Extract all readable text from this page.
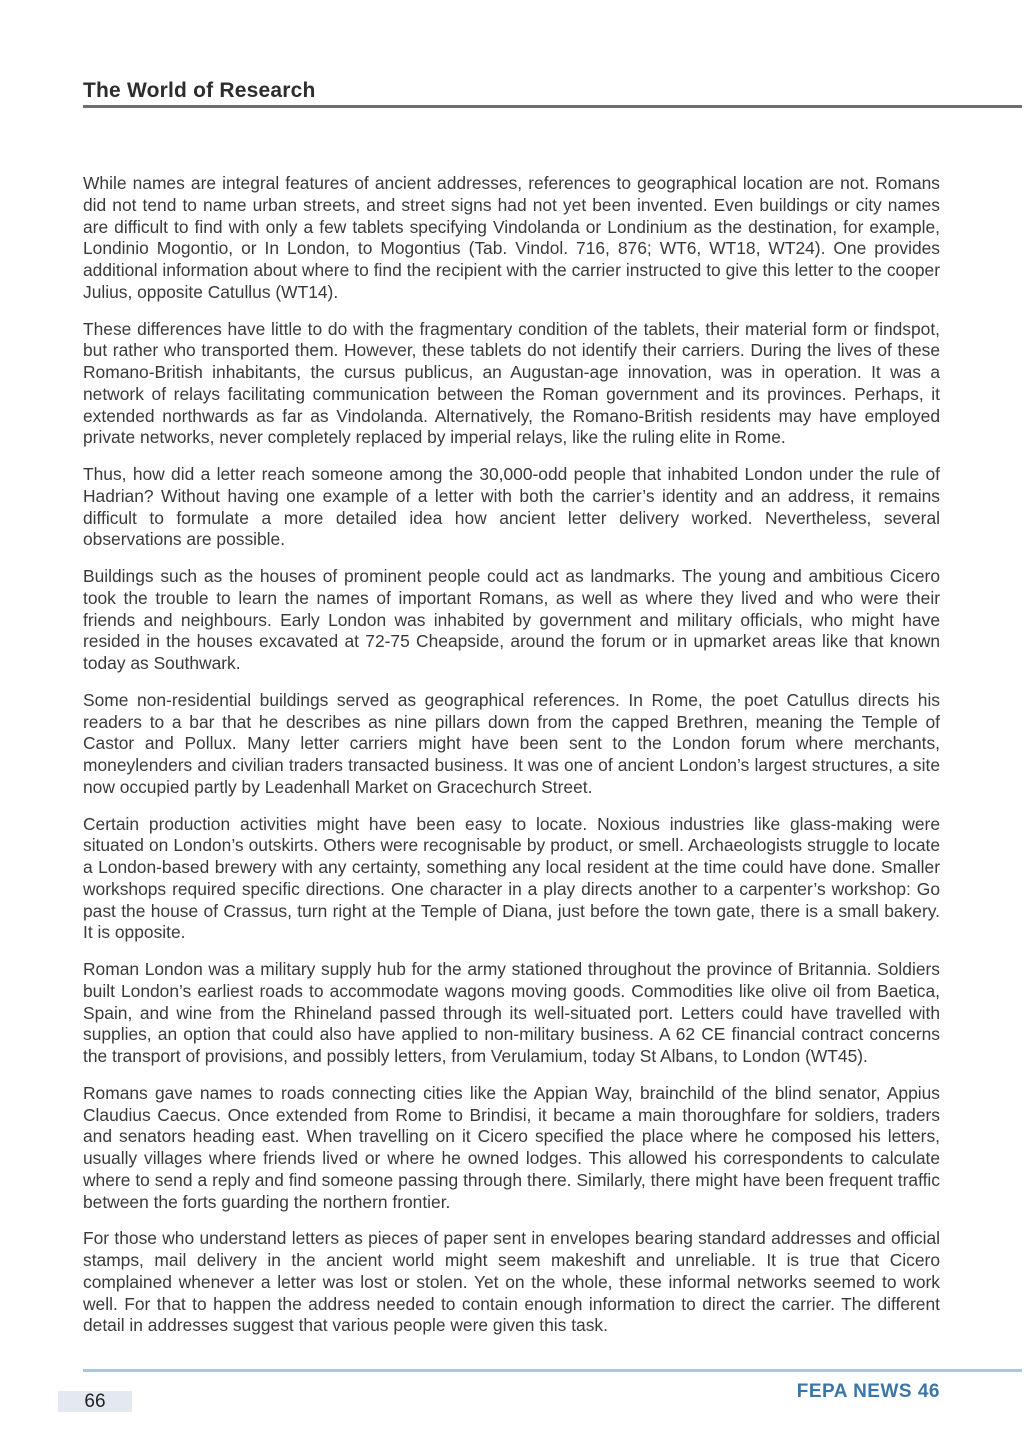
The World of Research

While names are integral features of ancient addresses, references to geographical location are not. Romans did not tend to name urban streets, and street signs had not yet been invented. Even buildings or city names are difficult to find with only a few tablets specifying Vindolanda or Londinium as the destination, for example, Londinio Mogontio, or In London, to Mogontius (Tab. Vindol. 716, 876; WT6, WT18, WT24). One provides additional information about where to find the recipient with the carrier instructed to give this letter to the cooper Julius, opposite Catullus (WT14).

These differences have little to do with the fragmentary condition of the tablets, their material form or findspot, but rather who transported them. However, these tablets do not identify their carriers. During the lives of these Romano-British inhabitants, the cursus publicus, an Augustan-age innovation, was in operation. It was a network of relays facilitating communication between the Roman government and its provinces. Perhaps, it extended northwards as far as Vindolanda. Alternatively, the Romano-British residents may have employed private networks, never completely replaced by imperial relays, like the ruling elite in Rome.

Thus, how did a letter reach someone among the 30,000-odd people that inhabited London under the rule of Hadrian? Without having one example of a letter with both the carrier’s identity and an address, it remains difficult to formulate a more detailed idea how ancient letter delivery worked. Nevertheless, several observations are possible.

Buildings such as the houses of prominent people could act as landmarks. The young and ambitious Cicero took the trouble to learn the names of important Romans, as well as where they lived and who were their friends and neighbours. Early London was inhabited by government and military officials, who might have resided in the houses excavated at 72-75 Cheapside, around the forum or in upmarket areas like that known today as Southwark.

Some non-residential buildings served as geographical references. In Rome, the poet Catullus directs his readers to a bar that he describes as nine pillars down from the capped Brethren, meaning the Temple of Castor and Pollux. Many letter carriers might have been sent to the London forum where merchants, moneylenders and civilian traders transacted business. It was one of ancient London’s largest structures, a site now occupied partly by Leadenhall Market on Gracechurch Street.

Certain production activities might have been easy to locate. Noxious industries like glass-making were situated on London’s outskirts. Others were recognisable by product, or smell. Archaeologists struggle to locate a London-based brewery with any certainty, something any local resident at the time could have done. Smaller workshops required specific directions. One character in a play directs another to a carpenter’s workshop: Go past the house of Crassus, turn right at the Temple of Diana, just before the town gate, there is a small bakery. It is opposite.

Roman London was a military supply hub for the army stationed throughout the province of Britannia. Soldiers built London’s earliest roads to accommodate wagons moving goods. Commodities like olive oil from Baetica, Spain, and wine from the Rhineland passed through its well-situated port. Letters could have travelled with supplies, an option that could also have applied to non-military business. A 62 CE financial contract concerns the transport of provisions, and possibly letters, from Verulamium, today St Albans, to London (WT45).

Romans gave names to roads connecting cities like the Appian Way, brainchild of the blind senator, Appius Claudius Caecus. Once extended from Rome to Brindisi, it became a main thoroughfare for soldiers, traders and senators heading east. When travelling on it Cicero specified the place where he composed his letters, usually villages where friends lived or where he owned lodges. This allowed his correspondents to calculate where to send a reply and find someone passing through there. Similarly, there might have been frequent traffic between the forts guarding the northern frontier.

For those who understand letters as pieces of paper sent in envelopes bearing standard addresses and official stamps, mail delivery in the ancient world might seem makeshift and unreliable. It is true that Cicero complained whenever a letter was lost or stolen. Yet on the whole, these informal networks seemed to work well. For that to happen the address needed to contain enough information to direct the carrier. The different detail in addresses suggest that various people were given this task.

66	FEPA NEWS 46
